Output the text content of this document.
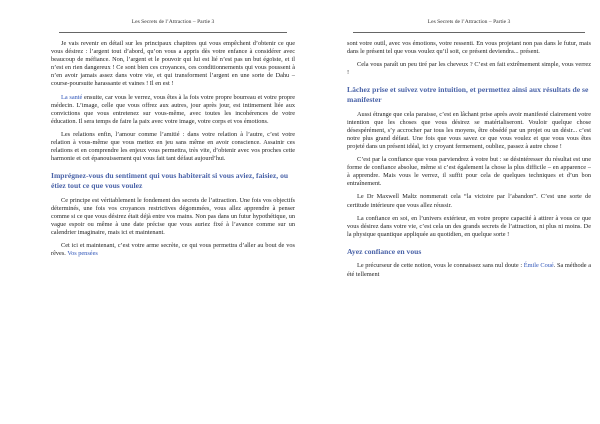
Les Secrets de l’Attraction – Partie 3

Je vais revenir en détail sur les principaux chapitres qui vous empêchent d’obtenir ce que vous désirez : l’argent tout d’abord, qu’on vous a appris dès votre enfance à considérer avec beaucoup de méfiance. Non, l’argent et le pouvoir qui lui est lié n’est pas un but égoïste, et il n’est en rien dangereux ! Ce sont bien ces croyances, ces conditionnements qui vous poussent à n’en avoir jamais assez dans votre vie, et qui transforment l’argent en une sorte de Dahu – course-poursuite harassante et vaines ! Il en est !

La santé ensuite, car vous le verrez, vous êtes à la fois votre propre bourreau et votre propre médecin. L’image, celle que vous offrez aux autres, jour après jour, est intimement liée aux convictions que vous entretenez sur vous-même, avec toutes les incohérences de votre éducation. Il sera temps de faire la paix avec votre image, votre corps et vos émotions.

Les relations enfin, l’amour comme l’amitié : dans votre relation à l’autre, c’est votre relation à vous-même que vous mettez en jeu sans même en avoir conscience. Assainir ces relations et en comprendre les enjeux vous permettra, très vite, d’obtenir avec vos proches cette harmonie et cet épanouissement qui vous fait tant défaut aujourd’hui.

Imprégnez-vous du sentiment qui vous habiterait si vous aviez, faisiez, ou étiez tout ce que vous voulez

Ce principe est véritablement le fondement des secrets de l’attraction. Une fois vos objectifs déterminés, une fois vos croyances restrictives dégommées, vous allez apprendre à penser comme si ce que vous désirez était déjà entre vos mains. Non pas dans un futur hypothétique, un vague espoir ou même à une date précise que vous auriez fixé à l’avance comme sur un calendrier imaginaire, mais ici et maintenant.

Cet ici et maintenant, c’est votre arme secrète, ce qui vous permettra d’aller au bout de vos rêves. Vos pensées

Les Secrets de l’Attraction – Partie 3

sont votre outil, avec vos émotions, votre ressenti. En vous projetant non pas dans le futur, mais dans le présent tel que vous voulez qu’il soit, ce présent deviendra... présent.

Cela vous paraît un peu tiré par les cheveux ? C’est en fait extrêmement simple, vous verrez !

Lâchez prise et suivez votre intuition, et permettez ainsi aux résultats de se manifester

Aussi étrange que cela paraisse, c’est en lâchant prise après avoir manifesté clairement votre intention que les choses que vous désirez se matérialiseront. Vouloir quelque chose désespérément, s’y accrocher par tous les moyens, être obsédé par un projet ou un désir... c’est notre plus grand défaut. Une fois que vous savez ce que vous voulez et que vous vous êtes projeté dans un présent idéal, ici y croyant fermement, oubliez, passez à autre chose !

C’est par la confiance que vous parviendrez à votre but : se désintéresser du résultat est une forme de confiance absolue, même si c’est également la chose la plus difficile – en apparence – à apprendre. Mais vous le verrez, il suffit pour cela de quelques techniques et d’un bon entraînement.

Le Dr Maxwell Maltz nommerait cela “la victoire par l’abandon”. C’est une sorte de certitude intérieure que vous allez réussir.

La confiance en soi, en l’univers extérieur, en votre propre capacité à attirer à vous ce que vous désirez dans votre vie, c’est cela un des grands secrets de l’attraction, ni plus ni moins. De la physique quantique appliquée au quotidien, en quelque sorte !

Ayez confiance en vous

Le précurseur de cette notion, vous le connaissez sans nul doute : Émile Coué. Sa méthode a été tellement
